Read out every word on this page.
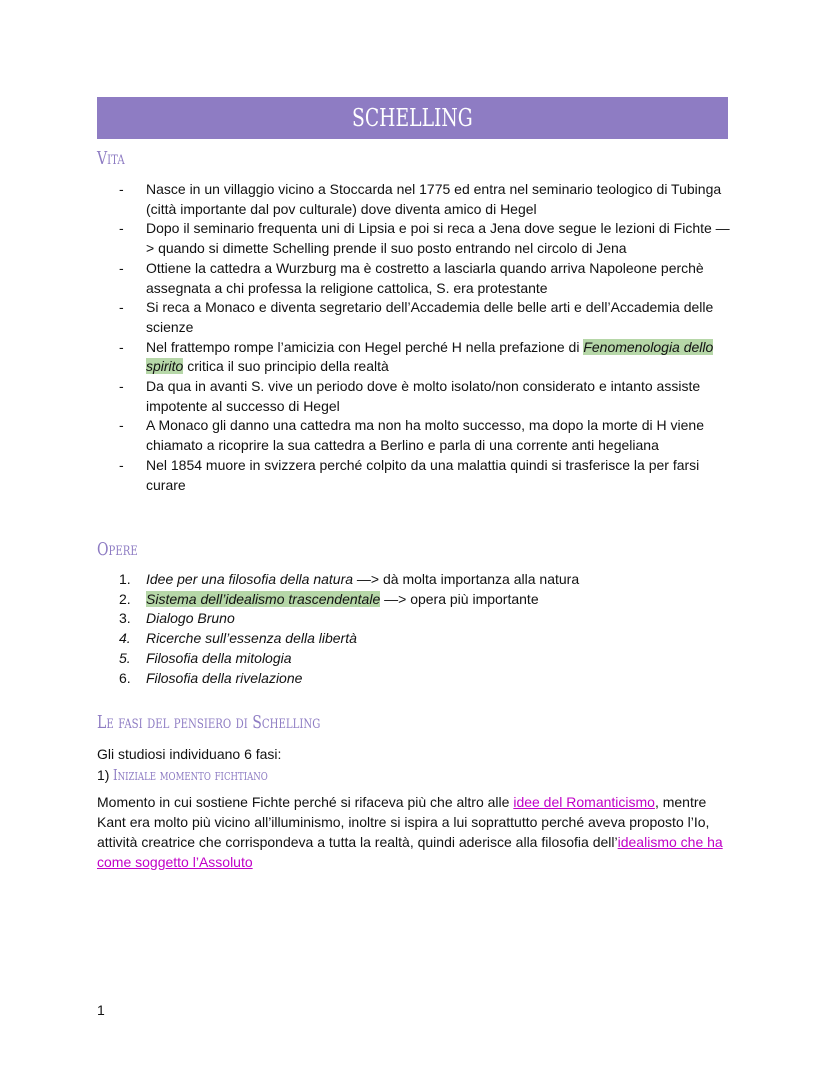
SCHELLING
Vita
- Nasce in un villaggio vicino a Stoccarda nel 1775 ed entra nel seminario teologico di Tubinga (città importante dal pov culturale) dove diventa amico di Hegel
- Dopo il seminario frequenta uni di Lipsia e poi si reca a Jena dove segue le lezioni di Fichte —> quando si dimette Schelling prende il suo posto entrando nel circolo di Jena
- Ottiene la cattedra a Wurzburg ma è costretto a lasciarla quando arriva Napoleone perchè assegnata a chi professa la religione cattolica, S. era protestante
- Si reca a Monaco e diventa segretario dell’Accademia delle belle arti e dell’Accademia delle scienze
- Nel frattempo rompe l’amicizia con Hegel perché H nella prefazione di Fenomenologia dello spirito critica il suo principio della realtà
- Da qua in avanti S. vive un periodo dove è molto isolato/non considerato e intanto assiste impotente al successo di Hegel
- A Monaco gli danno una cattedra ma non ha molto successo, ma dopo la morte di H viene chiamato a ricoprire la sua cattedra a Berlino e parla di una corrente anti hegeliana
- Nel 1854 muore in svizzera perché colpito da una malattia quindi si trasferisce la per farsi curare
Opere
1. Idee per una filosofia della natura —> dà molta importanza alla natura
2. Sistema dell’idealismo trascendentale —> opera più importante
3. Dialogo Bruno
4. Ricerche sull’essenza della libertà
5. Filosofia della mitologia
6. Filosofia della rivelazione
Le fasi del pensiero di Schelling
Gli studiosi individuano 6 fasi:
1) Iniziale momento fichtiano
Momento in cui sostiene Fichte perché si rifaceva più che altro alle idee del Romanticismo, mentre Kant era molto più vicino all’illuminismo, inoltre si ispira a lui soprattutto perché aveva proposto l’Io, attività creatrice che corrispondeva a tutta la realtà, quindi aderisce alla filosofia dell’idealismo che ha come soggetto l’Assoluto
1
